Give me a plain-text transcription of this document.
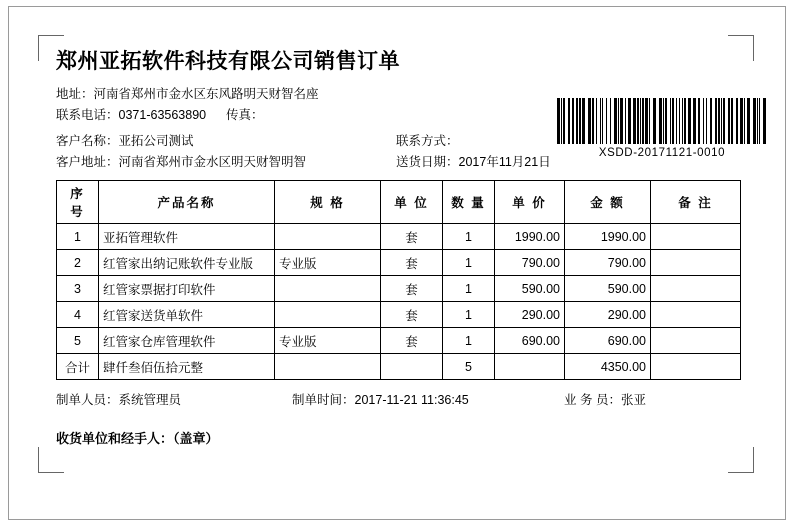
XSDD-20171121-0010
郑州亚拓软件科技有限公司销售订单
地址：河南省郑州市金水区东风路明天财智名座
联系电话：0371-63563890 传真：
客户名称：亚拓公司测试	联系方式：
客户地址：河南省郑州市金水区明天财智明智	送货日期：2017年11月21日
序 号	产品名称	规 格	单 位	数 量	单 价	金 额	备 注
1	亚拓管理软件		套	1	1990.00	1990.00	
2	红管家出纳记账软件专业版	专业版	套	1	790.00	790.00	
3	红管家票据打印软件		套	1	590.00	590.00	
4	红管家送货单软件		套	1	290.00	290.00	
5	红管家仓库管理软件	专业版	套	1	690.00	690.00	
合计	肆仟叁佰伍拾元整			5		4350.00	
制单人员：系统管理员	制单时间：2017-11-21 11:36:45	业 务 员：张亚
收货单位和经手人：（盖章）
